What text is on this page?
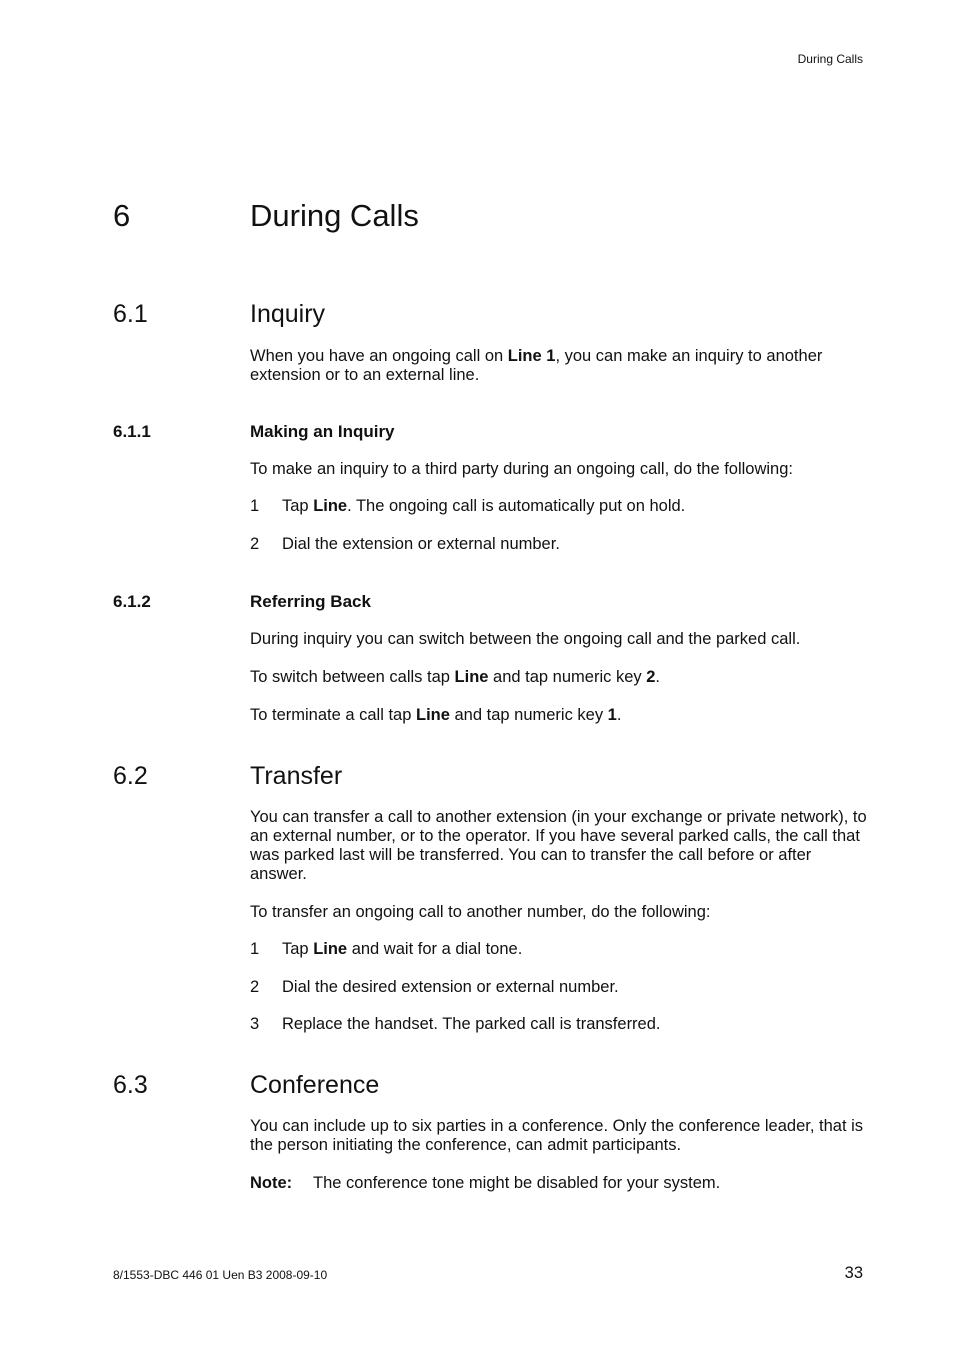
During Calls
6	During Calls
6.1	Inquiry
When you have an ongoing call on Line 1, you can make an inquiry to another extension or to an external line.
6.1.1	Making an Inquiry
To make an inquiry to a third party during an ongoing call, do the following:
1 Tap Line. The ongoing call is automatically put on hold.
2 Dial the extension or external number.
6.1.2	Referring Back
During inquiry you can switch between the ongoing call and the parked call.
To switch between calls tap Line and tap numeric key 2.
To terminate a call tap Line and tap numeric key 1.
6.2	Transfer
You can transfer a call to another extension (in your exchange or private network), to an external number, or to the operator. If you have several parked calls, the call that was parked last will be transferred. You can to transfer the call before or after answer.
To transfer an ongoing call to another number, do the following:
1 Tap Line and wait for a dial tone.
2 Dial the desired extension or external number.
3 Replace the handset. The parked call is transferred.
6.3	Conference
You can include up to six parties in a conference. Only the conference leader, that is the person initiating the conference, can admit participants.
Note: The conference tone might be disabled for your system.
8/1553-DBC 446 01 Uen B3 2008-09-10	33
